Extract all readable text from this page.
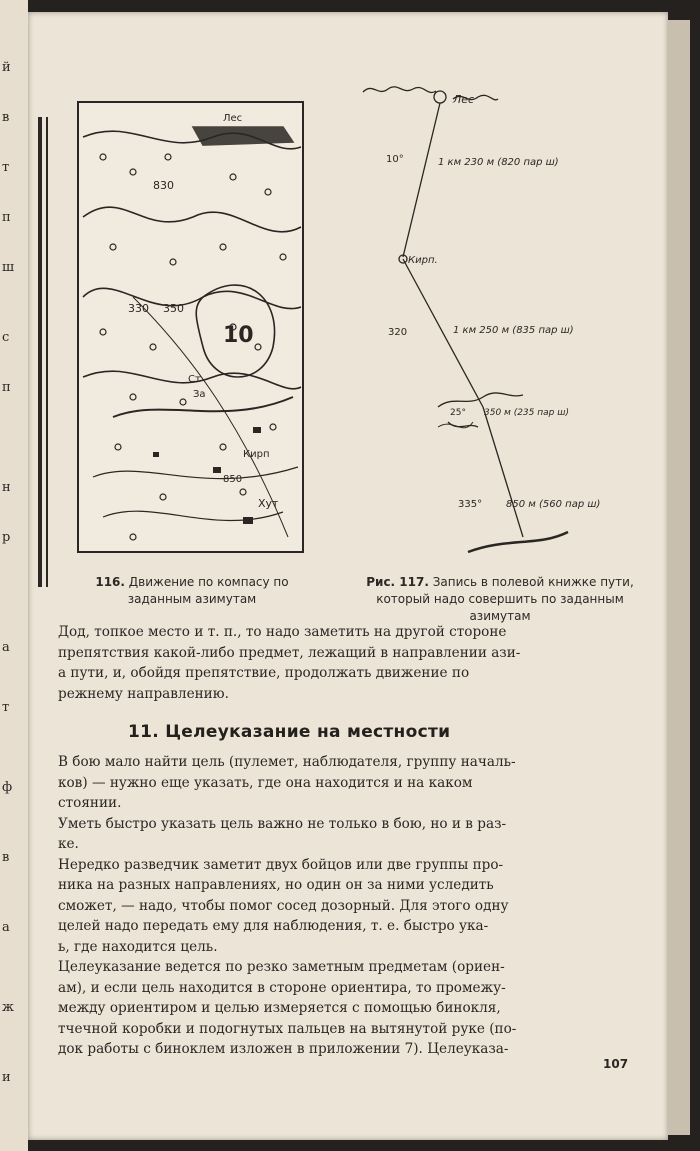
й
в
т
п
ш
с
п
н
р
а
т
ф
в
а
ж
и
Лес
830
10
350
330
Ст
За
Кирп
Хут
850
Лес
Кирп.
10°	1 км 230 м (820 пар ш)
320	1 км 250 м (835 пар ш)
25° 350 м (235 пар ш)
335° 850 м (560 пар ш)
116. Движение по компасу по заданным азимутам
Рис. 117. Запись в полевой книжке пути, который надо совершить по заданным азимутам
Дод, топкое место и т. п., то надо заметить на другой стороне
препятствия какой-либо предмет, лежащий в направлении ази-
а пути, и, обойдя препятствие, продолжать движение по
режнему направлению.
11. Целеуказание на местности
В бою мало найти цель (пулемет, наблюдателя, группу началь-
ков) — нужно еще указать, где она находится и на каком
стоянии.
Уметь быстро указать цель важно не только в бою, но и в раз-
ке.
Нередко разведчик заметит двух бойцов или две группы про-
ника на разных направлениях, но один он за ними уследить
сможет, — надо, чтобы помог сосед дозорный. Для этого одну
целей надо передать ему для наблюдения, т. е. быстро ука-
ь, где находится цель.
Целеуказание ведется по резко заметным предметам (ориен-
ам), и если цель находится в стороне ориентира, то промежу-
между ориентиром и целью измеряется с помощью бинокля,
тчечной коробки и подогнутых пальцев на вытянутой руке (по-
док работы с биноклем изложен в приложении 7). Целеуказа-
107
